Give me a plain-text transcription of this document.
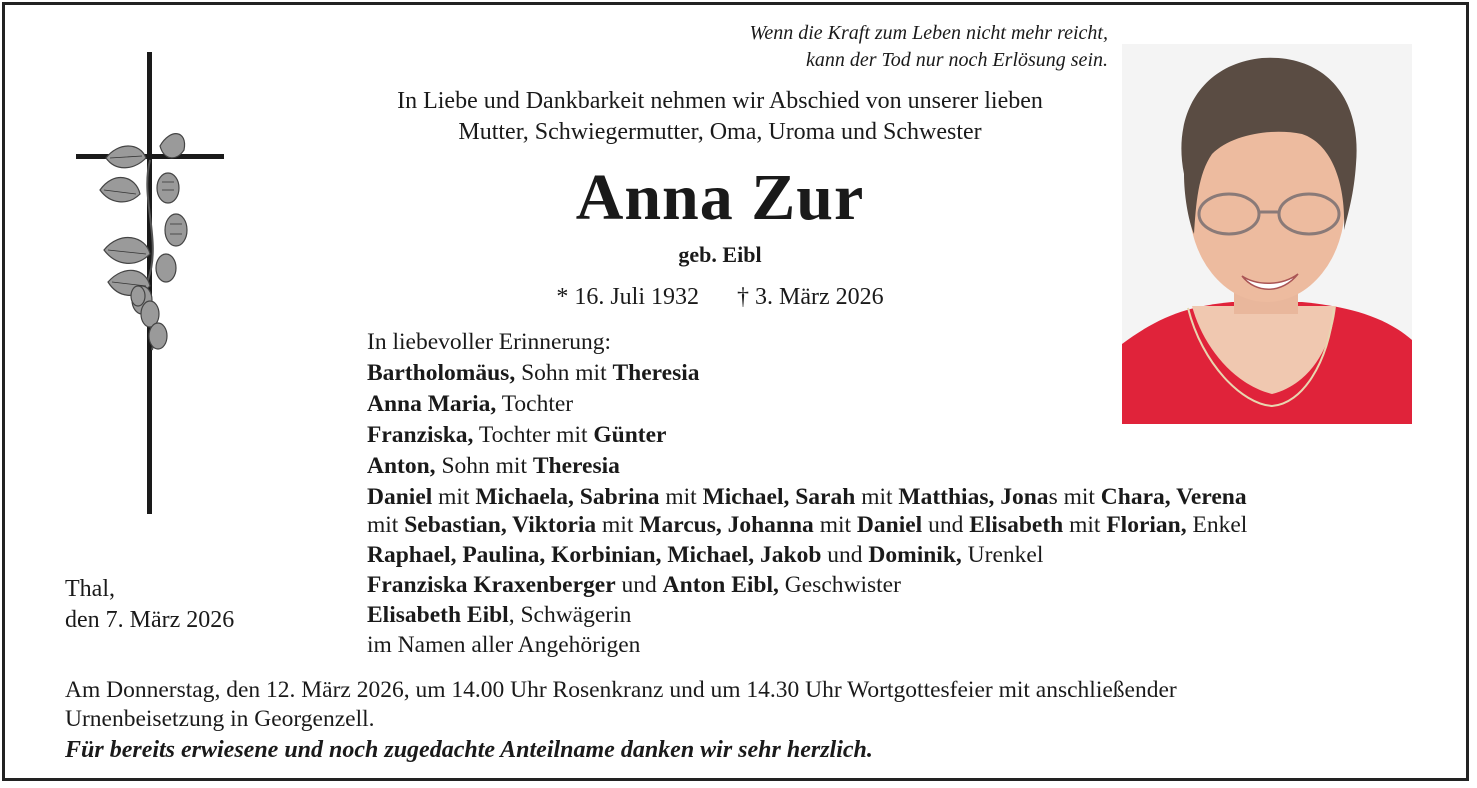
Wenn die Kraft zum Leben nicht mehr reicht,
kann der Tod nur noch Erlösung sein.
In Liebe und Dankbarkeit nehmen wir Abschied von unserer lieben
Mutter, Schwiegermutter, Oma, Uroma und Schwester
Anna Zur
geb. Eibl
* 16. Juli 1932 † 3. März 2026
In liebevoller Erinnerung:
Bartholomäus, Sohn mit Theresia
Anna Maria, Tochter
Franziska, Tochter mit Günter
Anton, Sohn mit Theresia
Daniel mit Michaela, Sabrina mit Michael, Sarah mit Matthias, Jonas mit Chara, Verena
mit Sebastian, Viktoria mit Marcus, Johanna mit Daniel und Elisabeth mit Florian, Enkel
Raphael, Paulina, Korbinian, Michael, Jakob und Dominik, Urenkel
Franziska Kraxenberger und Anton Eibl, Geschwister
Elisabeth Eibl, Schwägerin
im Namen aller Angehörigen
Thal,
den 7. März 2026
Am Donnerstag, den 12. März 2026, um 14.00 Uhr Rosenkranz und um 14.30 Uhr Wortgottesfeier mit anschließender
Urnenbeisetzung in Georgenzell.
Für bereits erwiesene und noch zugedachte Anteilname danken wir sehr herzlich.
